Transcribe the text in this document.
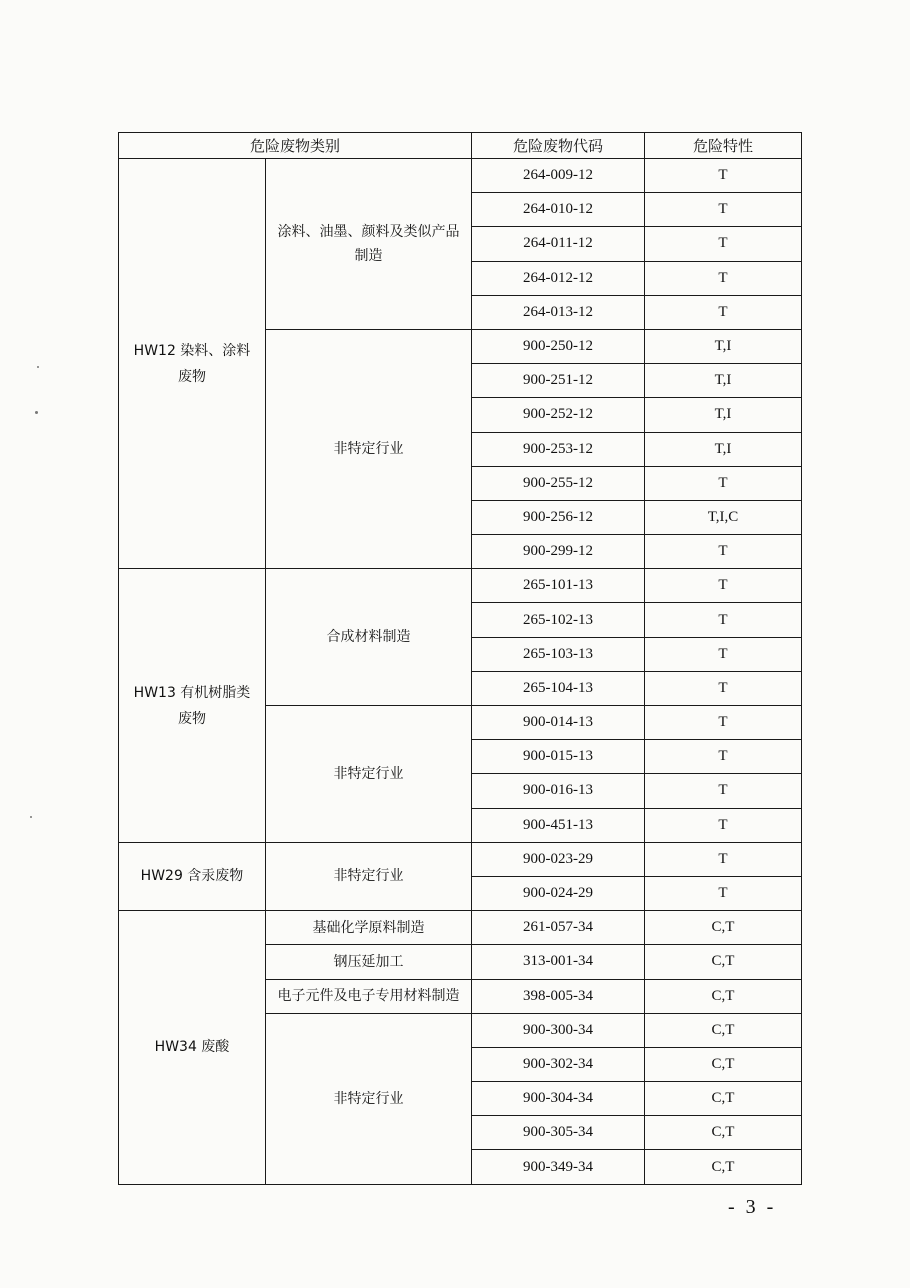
危险废物类别		危险废物代码	危险特性
HW12 染料、涂料废物	涂料、油墨、颜料及类似产品制造	264-009-12	T
		264-010-12	T
		264-011-12	T
		264-012-12	T
		264-013-12	T
	非特定行业	900-250-12	T,I
		900-251-12	T,I
		900-252-12	T,I
		900-253-12	T,I
		900-255-12	T
		900-256-12	T,I,C
		900-299-12	T
HW13 有机树脂类废物	合成材料制造	265-101-13	T
		265-102-13	T
		265-103-13	T
		265-104-13	T
	非特定行业	900-014-13	T
		900-015-13	T
		900-016-13	T
		900-451-13	T
HW29 含汞废物	非特定行业	900-023-29	T
		900-024-29	T
HW34 废酸	基础化学原料制造	261-057-34	C,T
	钢压延加工	313-001-34	C,T
	电子元件及电子专用材料制造	398-005-34	C,T
	非特定行业	900-300-34	C,T
		900-302-34	C,T
		900-304-34	C,T
		900-305-34	C,T
		900-349-34	C,T
- 3 -
